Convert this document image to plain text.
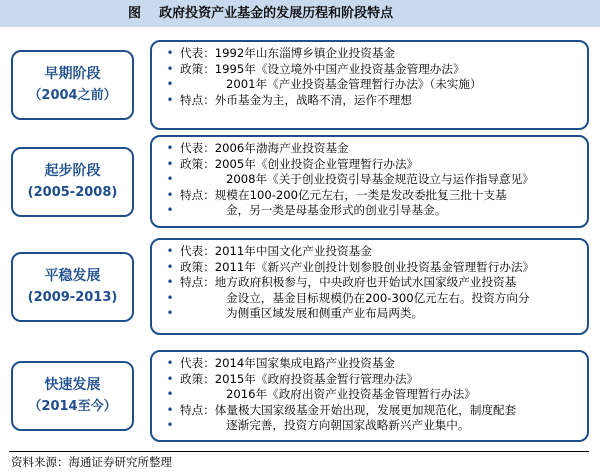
图    政府投资产业基金的发展历程和阶段特点
早期阶段
（2004之前）
• 代表： 1992年山东淄博乡镇企业投资基金
• 政策： 1995年《设立境外中国产业投资基金管理办法》
•	2001年《产业投资基金管理暂行办法》（未实施）
• 特点： 外币基金为主，战略不清，运作不理想
起步阶段
(2005-2008)
• 代表： 2006年渤海产业投资基金
• 政策： 2005年《创业投资企业管理暂行办法》
•	2008年《关于创业投资引导基金规范设立与运作指导意见》
• 特点： 规模在100-200亿元左右，一类是发改委批复三批十支基
•	金，另一类是母基金形式的创业引导基金。
平稳发展
(2009-2013)
• 代表： 2011年中国文化产业投资基金
• 政策： 2011年《新兴产业创投计划参股创业投资基金管理暂行办法》
• 特点： 地方政府积极参与，中央政府也开始试水国家级产业投资基
•	金设立，基金目标规模仍在200-300亿元左右。投资方向分
•	为侧重区域发展和侧重产业布局两类。
快速发展
（2014至今）
• 代表： 2014年国家集成电路产业投资基金
• 政策： 2015年《政府投资基金暂行管理办法》
•	2016年《政府出资产业投资基金管理暂行办法》
• 特点： 体量极大国家级基金开始出现，发展更加规范化，制度配套
•	逐渐完善，投资方向朝国家战略新兴产业集中。
资料来源：海通证券研究所整理
